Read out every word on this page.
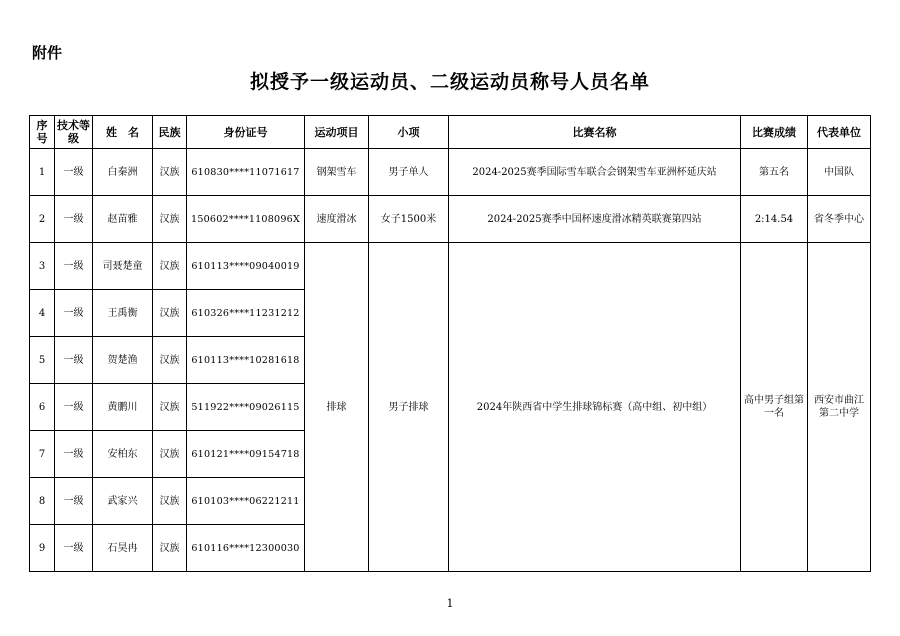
附件
拟授予一级运动员、二级运动员称号人员名单
序号	技术等级	姓　名	民族	身份证号	运动项目	小项	比赛名称	比赛成绩	代表单位
1	一级	白秦洲	汉族	610830****11071617	钢架雪车	男子单人	2024-2025赛季国际雪车联合会钢架雪车亚洲杯延庆站	第五名	中国队
2	一级	赵苗雅	汉族	150602****1108096X	速度滑冰	女子1500米	2024-2025赛季中国杯速度滑冰精英联赛第四站	2:14.54	省冬季中心
3	一级	司聂楚童	汉族	610113****09040019	排球	男子排球	2024年陕西省中学生排球锦标赛（高中组、初中组）	高中男子组第一名	西安市曲江第二中学
4	一级	王禹衡	汉族	610326****11231212					
5	一级	贺楚渔	汉族	610113****10281618					
6	一级	黄鹏川	汉族	511922****09026115					
7	一级	安柏东	汉族	610121****09154718					
8	一级	武家兴	汉族	610103****06221211					
9	一级	石昊冉	汉族	610116****12300030					
1
